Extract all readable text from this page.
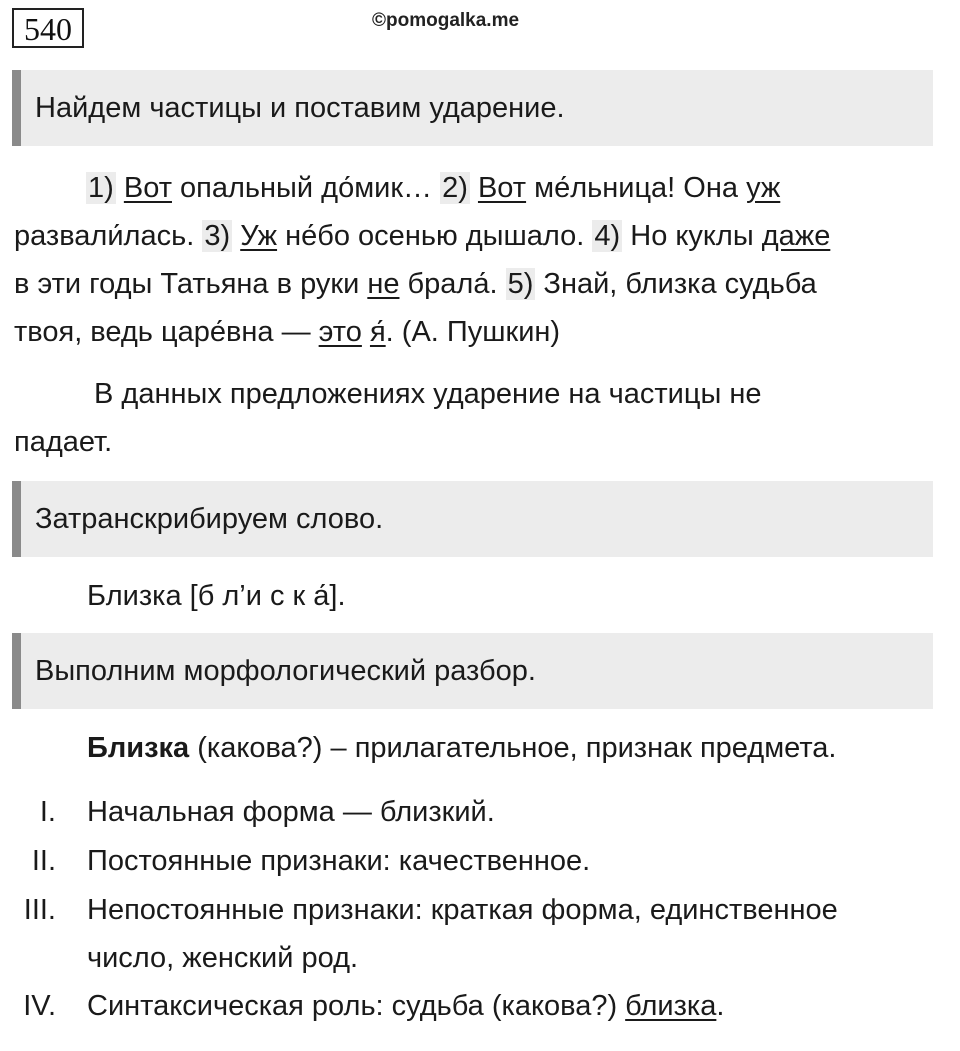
540	©pomogalka.me
Найдем частицы и поставим ударение.
1) Вот опальный до́мик… 2) Вот ме́льница! Она уж
развали́лась. 3) Уж не́бо осенью дышало. 4) Но куклы даже
в эти годы Татьяна в руки не брала́. 5) Знай, близка судьба
твоя, ведь царе́вна — это я́. (А. Пушкин)
В данных предложениях ударение на частицы не
падает.
Затранскрибируем слово.
Близка [б л’и с к а́].
Выполним морфологический разбор.
Близка (какова?) – прилагательное, признак предмета.
I. Начальная форма — близкий.
II. Постоянные признаки: качественное.
III. Непостоянные признаки: краткая форма, единственное
число, женский род.
IV. Синтаксическая роль: судьба (какова?) близка.
